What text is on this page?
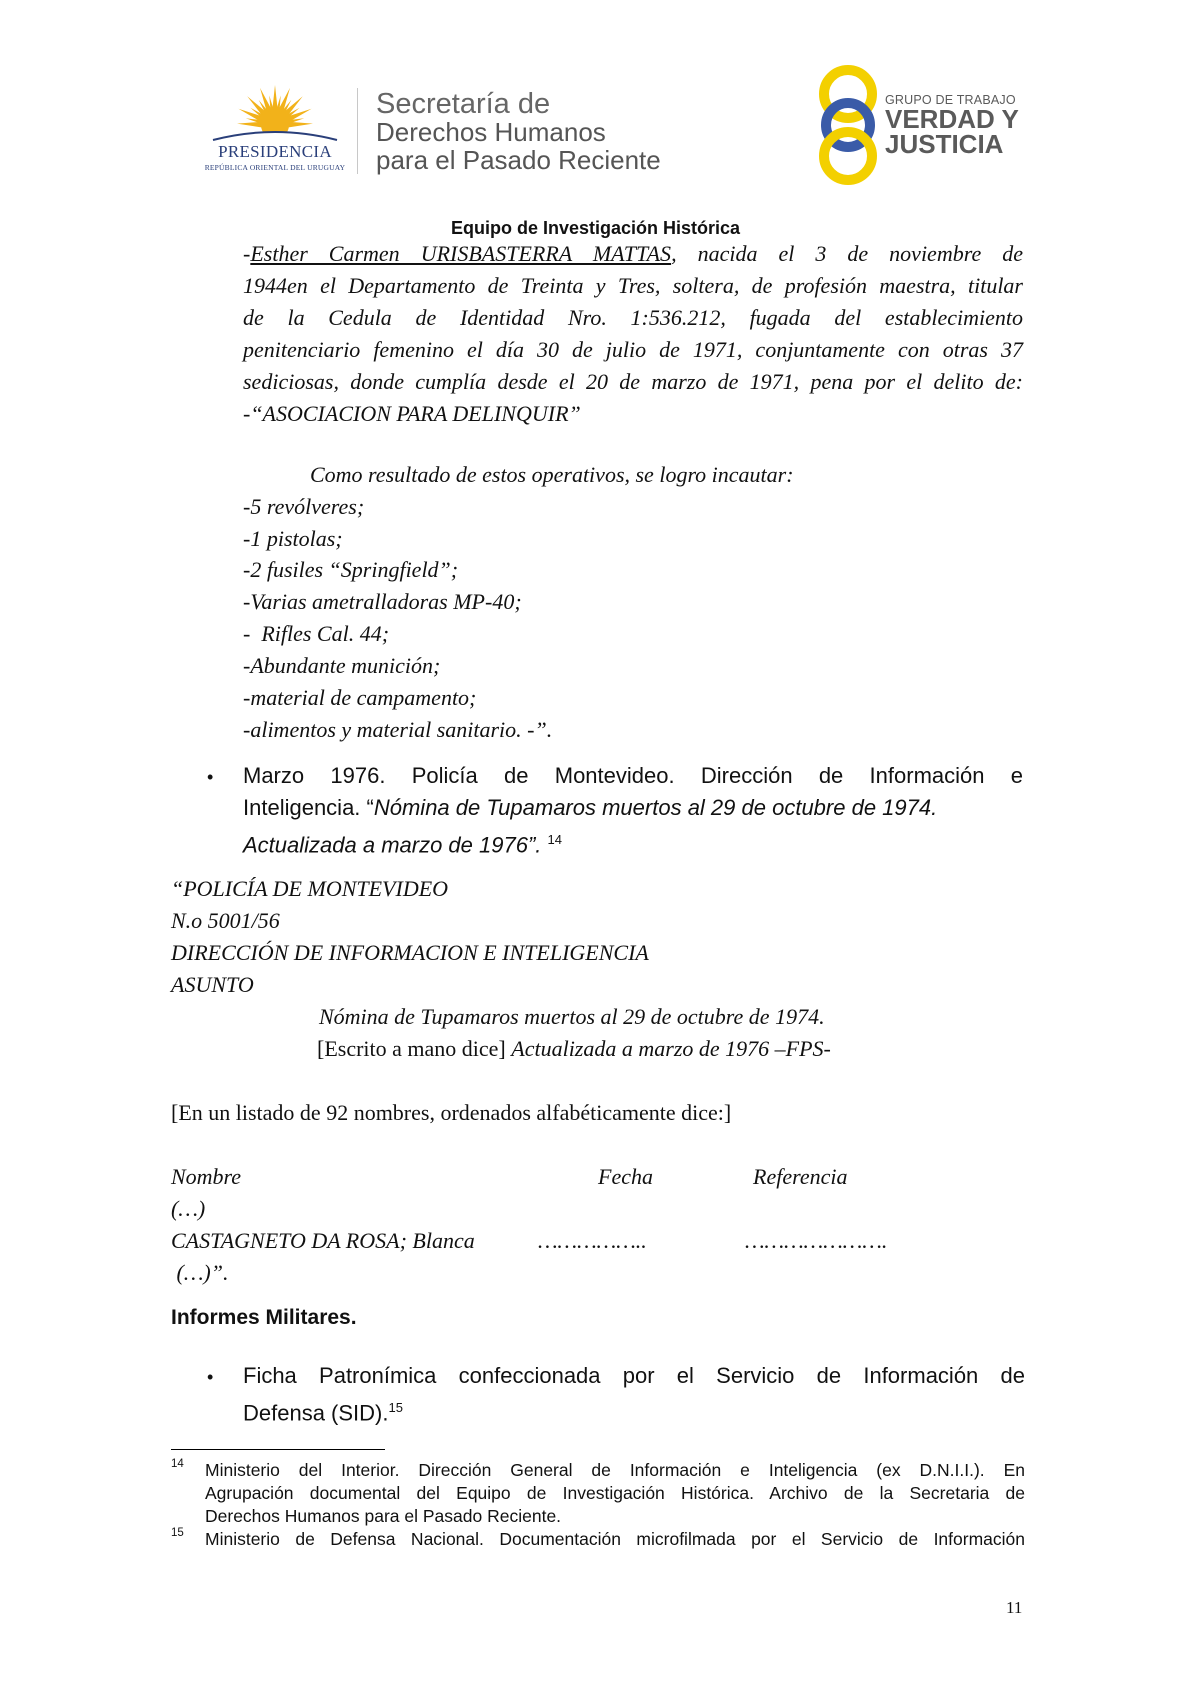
PRESIDENCIA
REPÚBLICA ORIENTAL DEL URUGUAY
Secretaría de
Derechos Humanos
para el Pasado Reciente
GRUPO DE TRABAJO
VERDAD Y
JUSTICIA
Equipo de Investigación Histórica
-Esther Carmen URISBASTERRA MATTAS, nacida el 3 de noviembre de
1944en el Departamento de Treinta y Tres, soltera, de profesión maestra, titular
de la Cedula de Identidad Nro. 1:536.212, fugada del establecimiento
penitenciario femenino el día 30 de julio de 1971, conjuntamente con otras 37
sediciosas, donde cumplía desde el 20 de marzo de 1971, pena por el delito de:
-“ASOCIACION PARA DELINQUIR”
Como resultado de estos operativos, se logro incautar:
-5 revólveres;
-1 pistolas;
-2 fusiles “Springfield”;
-Varias ametralladoras MP-40;
-  Rifles Cal. 44;
-Abundante munición;
-material de campamento;
-alimentos y material sanitario. -”.
• Marzo 1976. Policía de Montevideo. Dirección de Información e
Inteligencia. “Nómina de Tupamaros muertos al 29 de octubre de 1974.
Actualizada a marzo de 1976”. $^{14}$
“POLICÍA DE MONTEVIDEO
N.o 5001/56
DIRECCIÓN DE INFORMACION E INTELIGENCIA
ASUNTO
Nómina de Tupamaros muertos al 29 de octubre de 1974.
[Escrito a mano dice] Actualizada a marzo de 1976 –FPS-
[En un listado de 92 nombres, ordenados alfabéticamente dice:]
Nombre	Fecha	Referencia
(…)
CASTAGNETO DA ROSA; Blanca	……………..	………………….
(…)”.
Informes Militares.
• Ficha Patronímica confeccionada por el Servicio de Información de
Defensa (SID).$^{15}$
14 Ministerio del Interior. Dirección General de Información e Inteligencia (ex D.N.I.I.). En
Agrupación documental del Equipo de Investigación Histórica. Archivo de la Secretaria de
Derechos Humanos para el Pasado Reciente.
15 Ministerio de Defensa Nacional. Documentación microfilmada por el Servicio de Información
11
